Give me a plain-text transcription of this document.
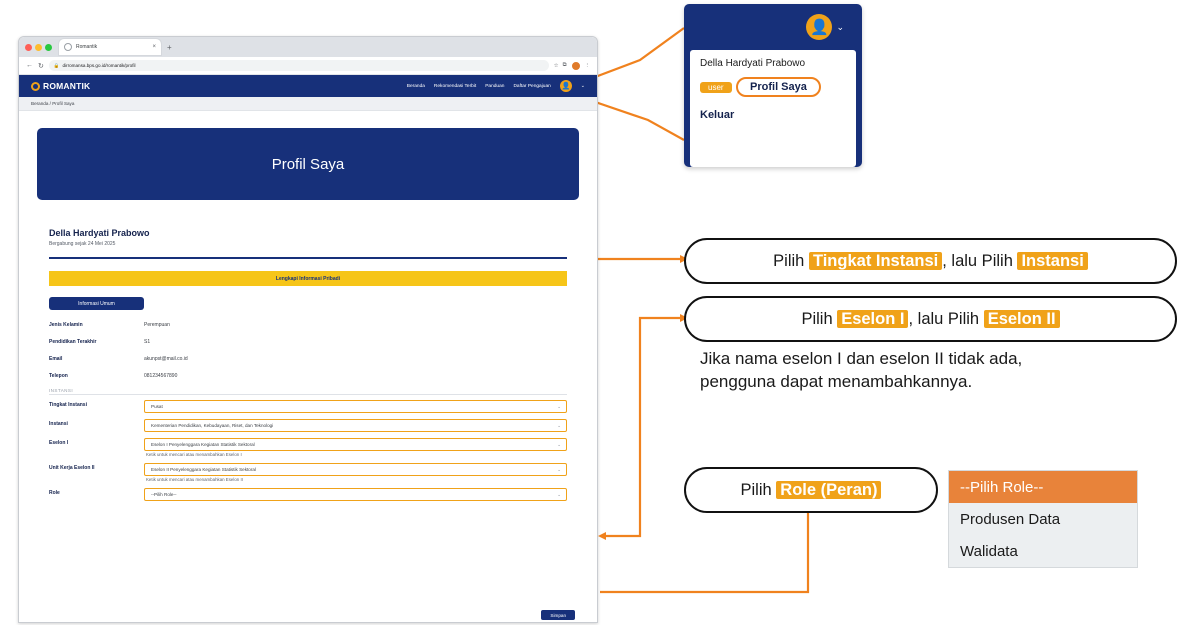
Romantik	× +
← ↻ 🔒 dirromansa.bps.go.id/romantik/profil	☆ ⧉	⋮
ROMANTIK	Beranda Rekomendasi Terbit Panduan Daftar Pengajuan 👤	⌄
Beranda / Profil Saya
Profil Saya
Della Hardyati Prabowo
Bergabung sejak 24 Mei 2025
Lengkapi Informasi Pribadi
Informasi Umum
Jenis Kelamin	Perempuan
Pendidikan Terakhir	S1
Email	akunpst@mail.co.id
Telepon	081234567890
INSTANSI
Tingkat Instansi	Pusat	⌄
Instansi	Kementerian Pendidikan, Kebudayaan, Riset, dan Teknologi	⌄
Eselon I	Eselon I Penyelenggara Kegiatan Statistik Sektoral	⌄
Ketik untuk mencari atau menambahkan Eselon I
Unit Kerja Eselon II	Eselon II Penyelenggara Kegiatan Statistik Sektoral	⌄
Ketik untuk mencari atau menambahkan Eselon II
Role	--Pilih Role--	⌄
Simpan
👤 ⌄
Della Hardyati Prabowo
user Profil Saya
Keluar
Pilih Tingkat Instansi , lalu Pilih Instansi
Pilih Eselon I , lalu Pilih Eselon II
Jika nama eselon I dan eselon II tidak ada,
pengguna dapat menambahkannya.
Pilih Role (Peran)	--Pilih Role--
Produsen Data
Walidata
